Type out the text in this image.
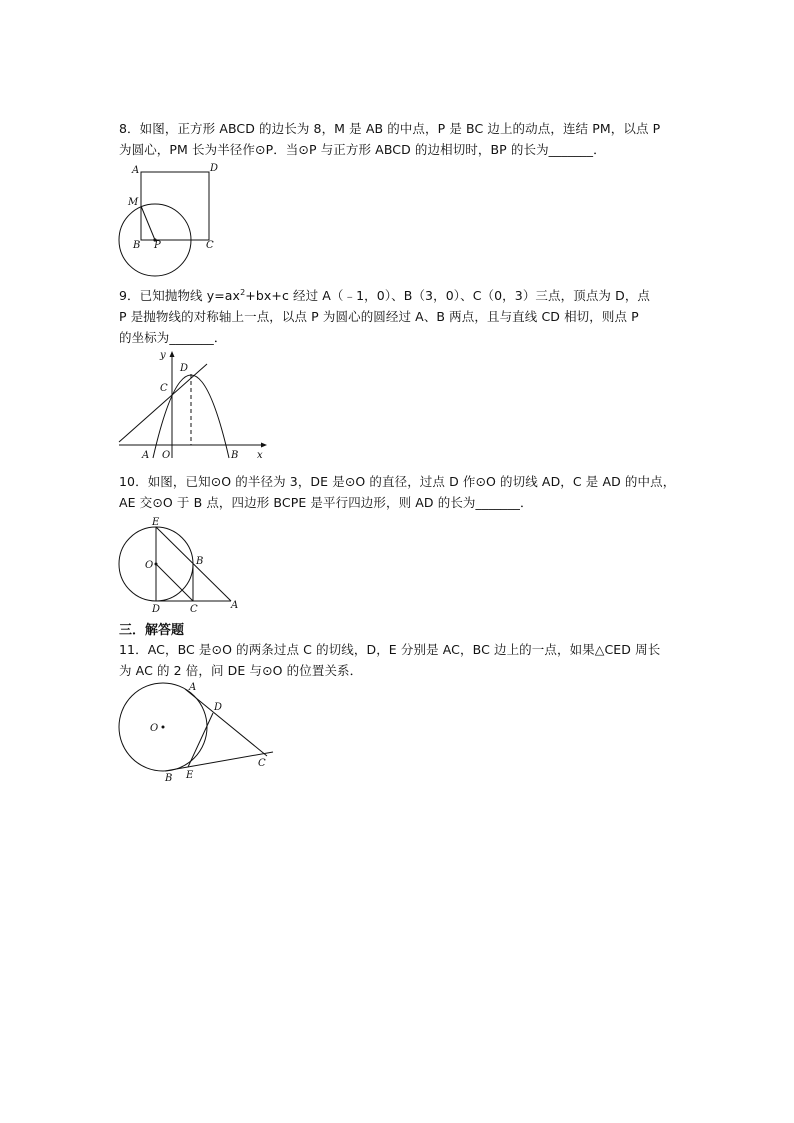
8．如图，正方形 ABCD 的边长为 8，M 是 AB 的中点，P 是 BC 边上的动点，连结 PM，以点 P

为圆心，PM 长为半径作⊙P．当⊙P 与正方形 ABCD 的边相切时，BP 的长为_______．

A	D
M
B P	C

9．已知抛物线 $y=ax^2+bx+c$ 经过 A（﹣1，0）、B（3，0）、C（0，3）三点，顶点为 D，点

P 是抛物线的对称轴上一点，以点 P 为圆心的圆经过 A、B 两点，且与直线 CD 相切，则点 P

的坐标为_______．

y
D
C
A O	B x

10．如图，已知⊙O 的半径为 3，DE 是⊙O 的直径，过点 D 作⊙O 的切线 AD，C 是 AD 的中点，

AE 交⊙O 于 B 点，四边形 BCPE 是平行四边形，则 AD 的长为_______．

E
O	B
D	C	A
三．解答题

11．AC，BC 是⊙O 的两条过点 C 的切线，D，E 分别是 AC，BC 边上的一点，如果△CED 周长

为 AC 的 2 倍，问 DE 与⊙O 的位置关系．

A
D
O
B E
C
